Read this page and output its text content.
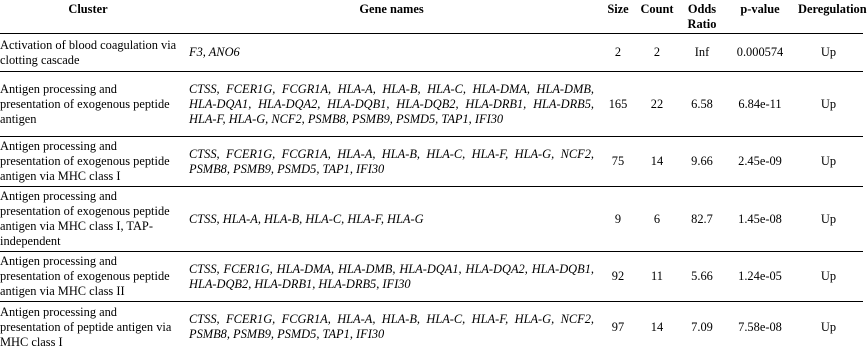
Cluster	Gene names	Size	Count	Odds Ratio	p-value	Deregulation
Activation of blood coagulation via clotting cascade	F3, ANO6	2	2	Inf	0.000574	Up
Antigen processing and presentation of exogenous peptide antigen	CTSS, FCER1G, FCGR1A, HLA-A, HLA-B, HLA-C, HLA-DMA, HLA-DMB, HLA-DQA1, HLA-DQA2, HLA-DQB1, HLA-DQB2, HLA-DRB1, HLA-DRB5, HLA-F, HLA-G, NCF2, PSMB8, PSMB9, PSMD5, TAP1, IFI30	165	22	6.58	6.84e-11	Up
Antigen processing and presentation of exogenous peptide antigen via MHC class I	CTSS, FCER1G, FCGR1A, HLA-A, HLA-B, HLA-C, HLA-F, HLA-G, NCF2, PSMB8, PSMB9, PSMD5, TAP1, IFI30	75	14	9.66	2.45e-09	Up
Antigen processing and presentation of exogenous peptide antigen via MHC class I, TAP-independent	CTSS, HLA-A, HLA-B, HLA-C, HLA-F, HLA-G	9	6	82.7	1.45e-08	Up
Antigen processing and presentation of exogenous peptide antigen via MHC class II	CTSS, FCER1G, HLA-DMA, HLA-DMB, HLA-DQA1, HLA-DQA2, HLA-DQB1, HLA-DQB2, HLA-DRB1, HLA-DRB5, IFI30	92	11	5.66	1.24e-05	Up
Antigen processing and presentation of peptide antigen via MHC class I	CTSS, FCER1G, FCGR1A, HLA-A, HLA-B, HLA-C, HLA-F, HLA-G, NCF2, PSMB8, PSMB9, PSMD5, TAP1, IFI30	97	14	7.09	7.58e-08	Up
